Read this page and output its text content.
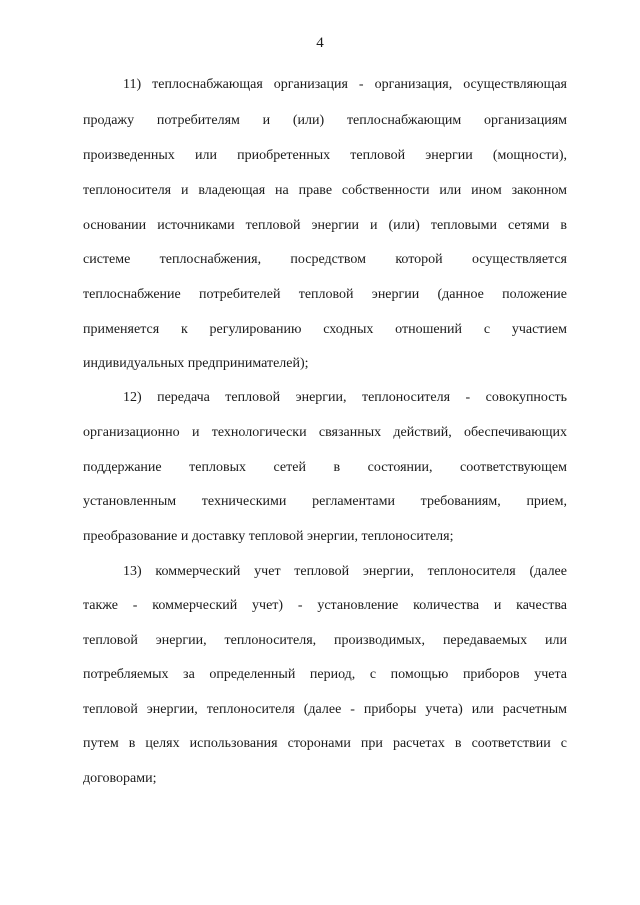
4
11) теплоснабжающая организация - организация, осуществляющая
продажу потребителям и (или) теплоснабжающим организациям
произведенных или приобретенных тепловой энергии (мощности),
теплоносителя и владеющая на праве собственности или ином законном
основании источниками тепловой энергии и (или) тепловыми сетями в
системе теплоснабжения, посредством которой осуществляется
теплоснабжение потребителей тепловой энергии (данное положение
применяется к регулированию сходных отношений с участием
индивидуальных предпринимателей);
12) передача тепловой энергии, теплоносителя - совокупность
организационно и технологически связанных действий, обеспечивающих
поддержание тепловых сетей в состоянии, соответствующем
установленным техническими регламентами требованиям, прием,
преобразование и доставку тепловой энергии, теплоносителя;
13) коммерческий учет тепловой энергии, теплоносителя (далее
также - коммерческий учет) - установление количества и качества
тепловой энергии, теплоносителя, производимых, передаваемых или
потребляемых за определенный период, с помощью приборов учета
тепловой энергии, теплоносителя (далее - приборы учета) или расчетным
путем в целях использования сторонами при расчетах в соответствии с
договорами;
